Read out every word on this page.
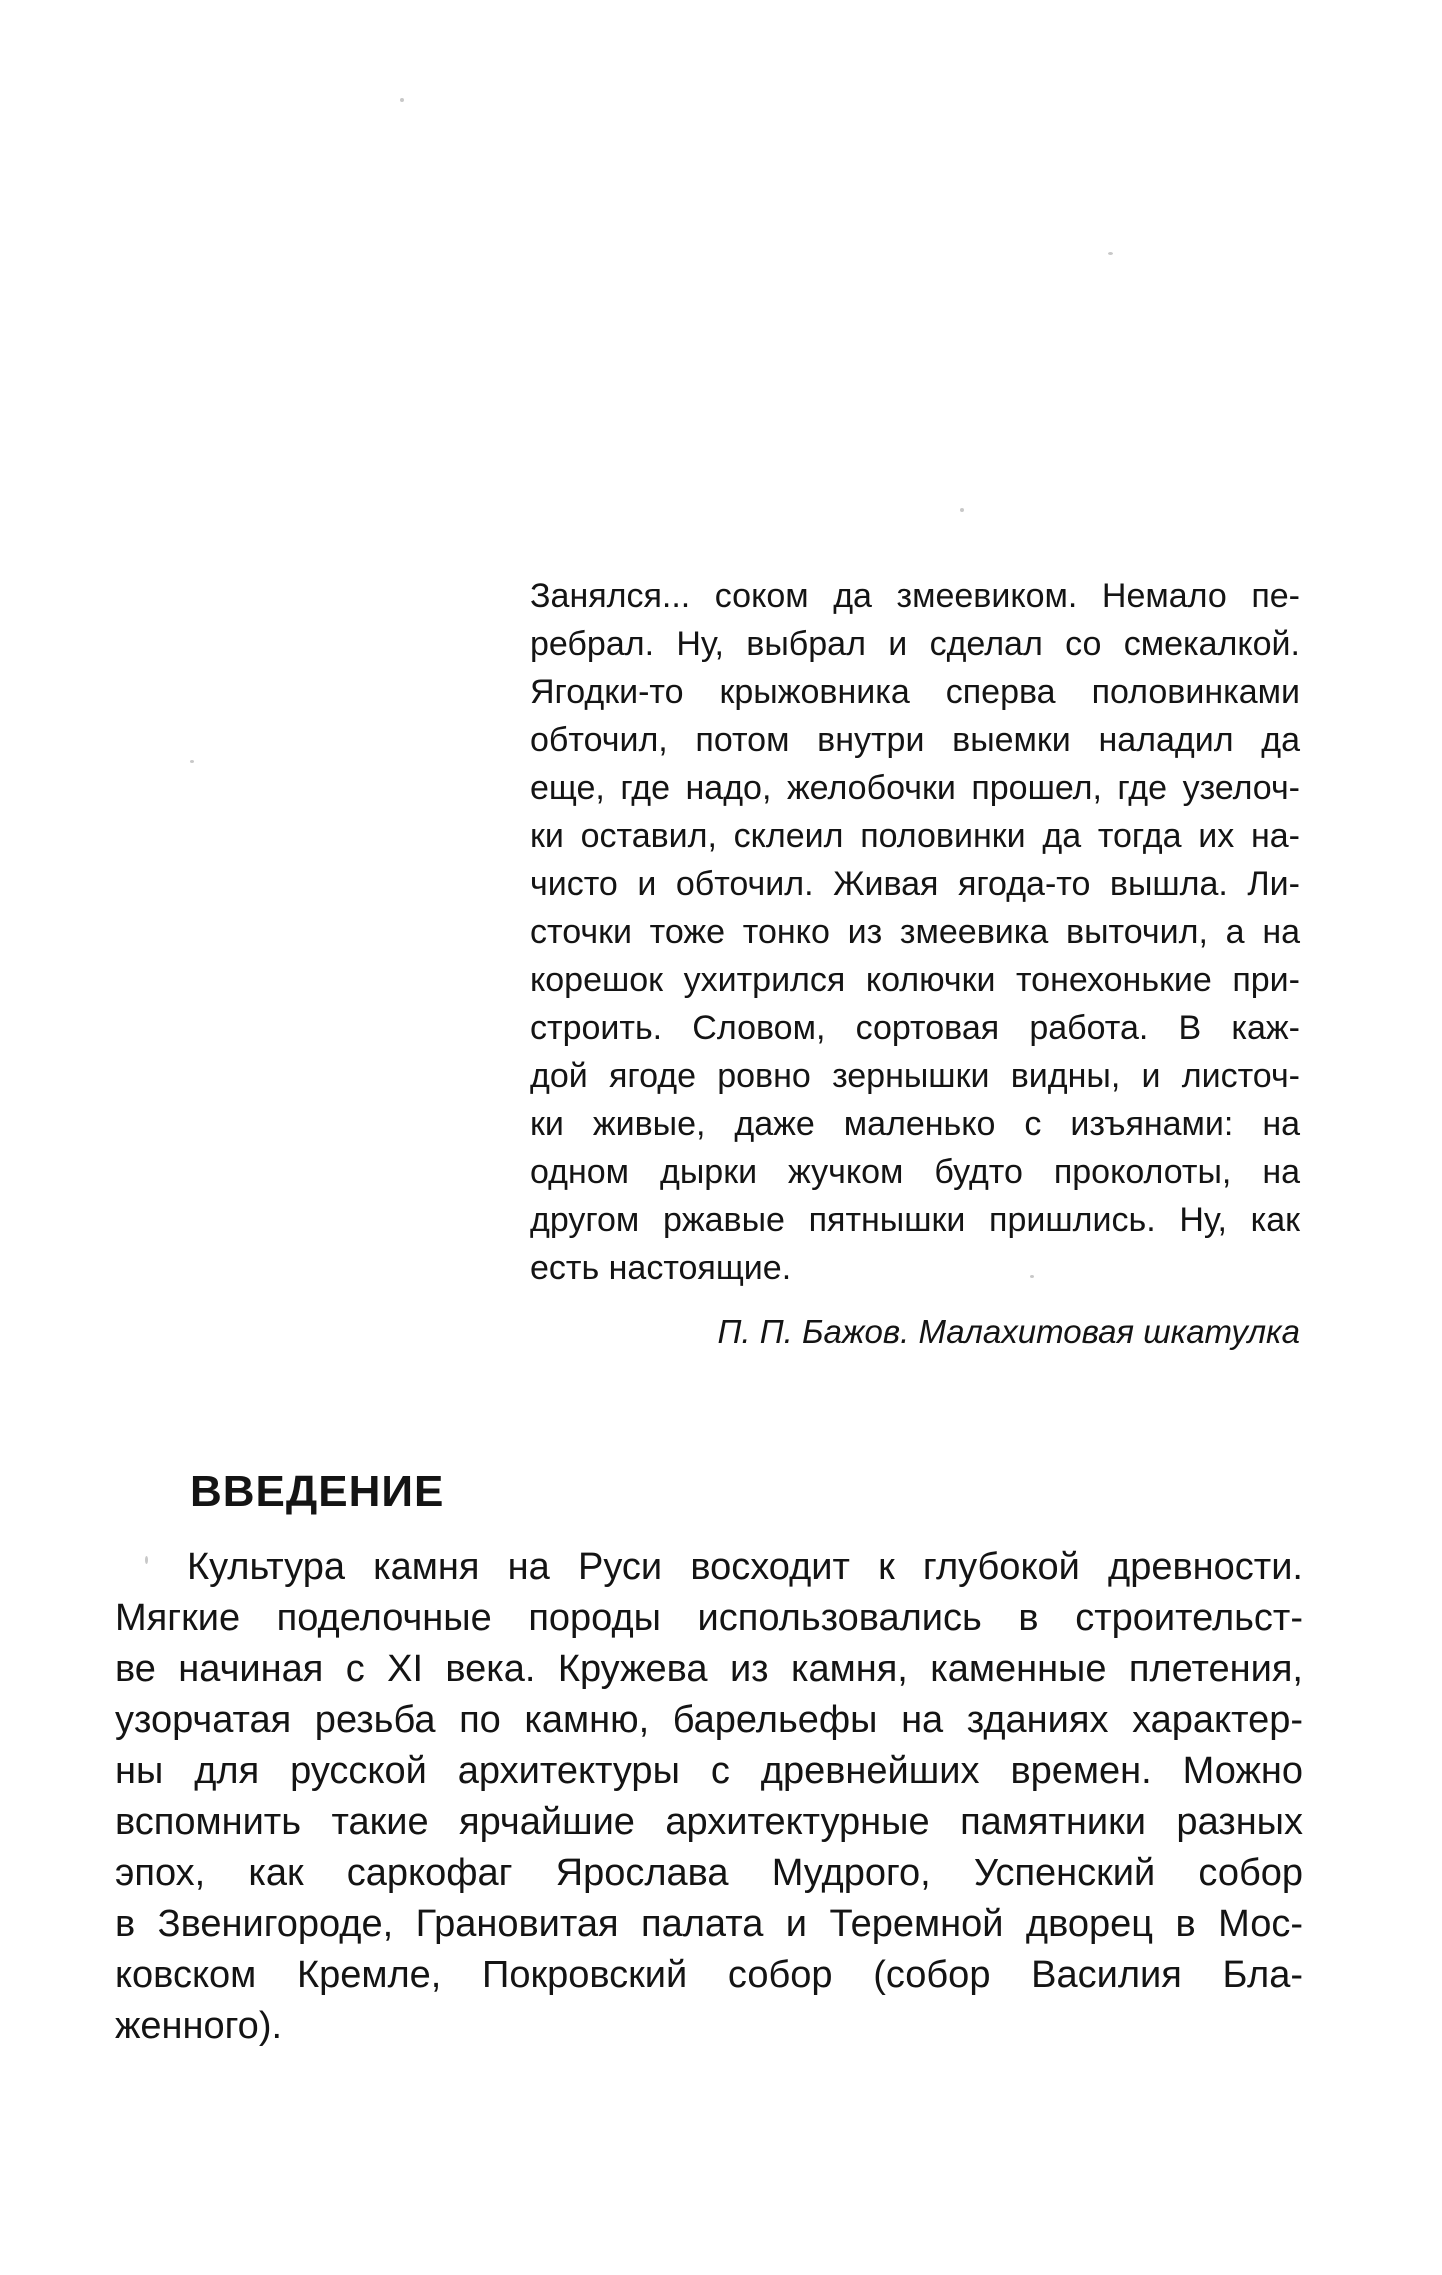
Занялся... соком да змеевиком. Немало пе-
ребрал. Ну, выбрал и сделал со смекалкой.
Ягодки-то крыжовника сперва половинками
обточил, потом внутри выемки наладил да
еще, где надо, желобочки прошел, где узелоч-
ки оставил, склеил половинки да тогда их на-
чисто и обточил. Живая ягода-то вышла. Ли-
сточки тоже тонко из змеевика выточил, а на
корешок ухитрился колючки тонехонькие при-
строить. Словом, сортовая работа. В каж-
дой ягоде ровно зернышки видны, и листоч-
ки живые, даже маленько с изъянами: на
одном дырки жучком будто проколоты, на
другом ржавые пятнышки пришлись. Ну, как
есть настоящие.
П. П. Бажов. Малахитовая шкатулка
ВВЕДЕНИЕ
Культура камня на Руси восходит к глубокой древности.
Мягкие поделочные породы использовались в строительст-
ве начиная с XI века. Кружева из камня, каменные плетения,
узорчатая резьба по камню, барельефы на зданиях характер-
ны для русской архитектуры с древнейших времен. Можно
вспомнить такие ярчайшие архитектурные памятники разных
эпох, как саркофаг Ярослава Мудрого, Успенский собор
в Звенигороде, Грановитая палата и Теремной дворец в Мос-
ковском Кремле, Покровский собор (собор Василия Бла-
женного).
